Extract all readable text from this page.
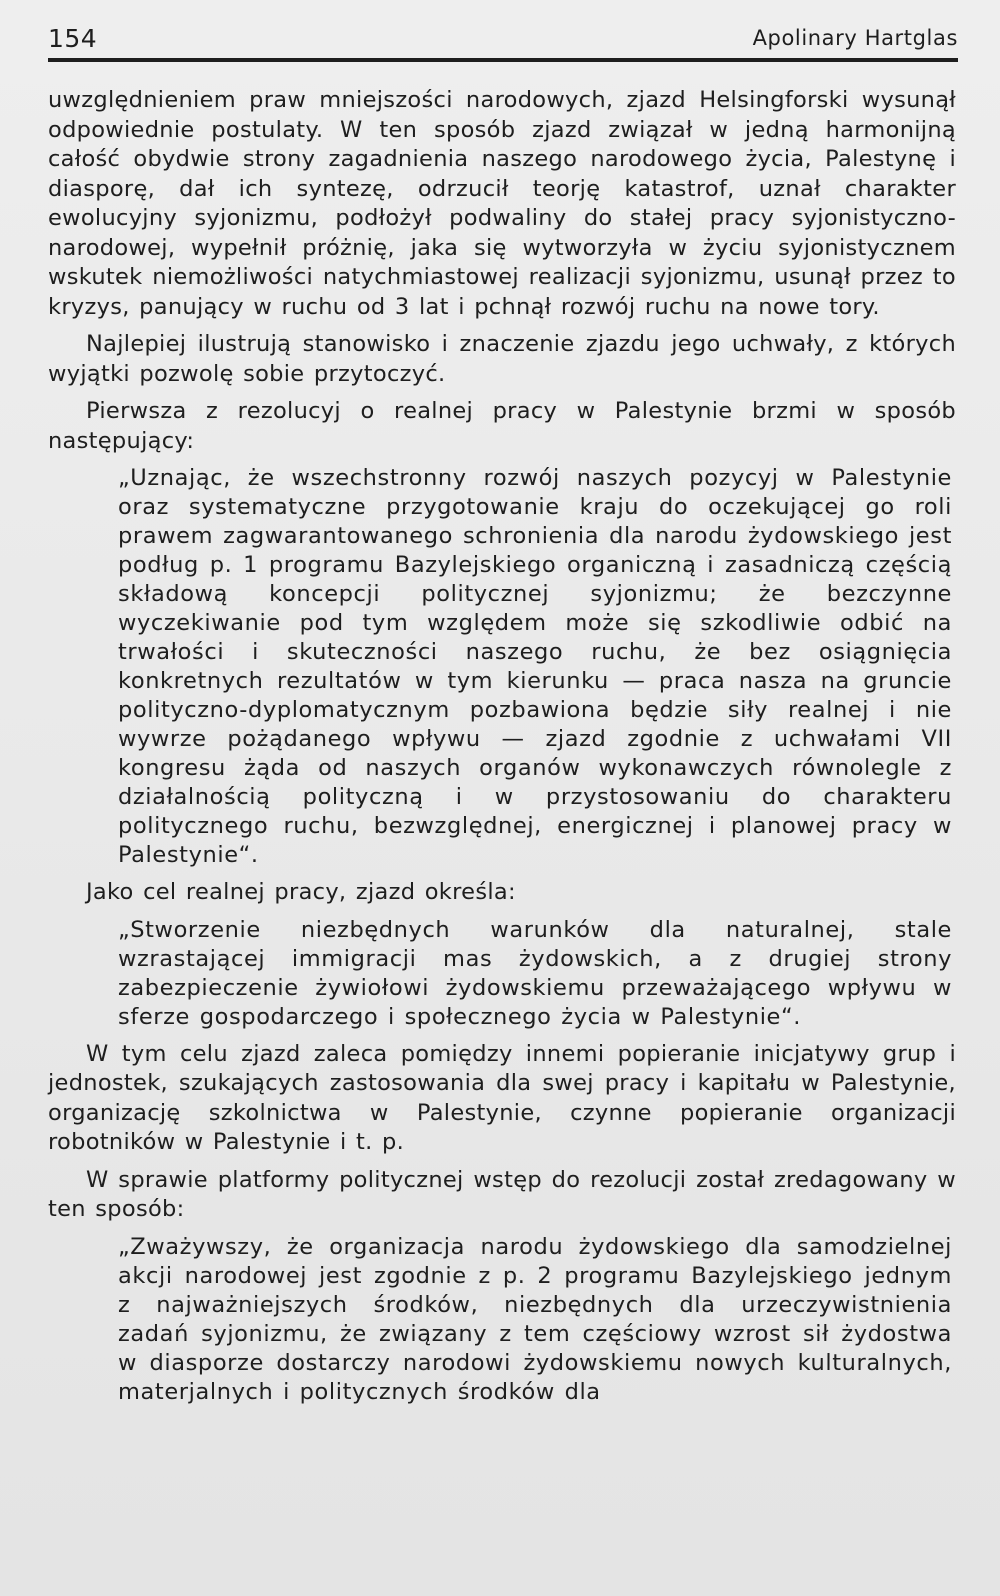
154	Apolinary Hartglas

uwzględnieniem praw mniejszości narodowych, zjazd Helsingforski wysunął odpowiednie postulaty. W ten sposób zjazd związał w jedną harmonijną całość obydwie strony zagadnienia naszego narodowego życia, Palestynę i diasporę, dał ich syntezę, odrzucił teorję katastrof, uznał charakter ewolucyjny syjonizmu, podłożył podwaliny do stałej pracy syjonistyczno-narodowej, wypełnił próżnię, jaka się wytworzyła w życiu syjonistycznem wskutek niemożliwości natychmiastowej realizacji syjonizmu, usunął przez to kryzys, panujący w ruchu od 3 lat i pchnął rozwój ruchu na nowe tory.

Najlepiej ilustrują stanowisko i znaczenie zjazdu jego uchwały, z których wyjątki pozwolę sobie przytoczyć.

Pierwsza z rezolucyj o realnej pracy w Palestynie brzmi w sposób następujący:

„Uznając, że wszechstronny rozwój naszych pozycyj w Palestynie oraz systematyczne przygotowanie kraju do oczekującej go roli prawem zagwarantowanego schronienia dla narodu żydowskiego jest podług p. 1 programu Bazylejskiego organiczną i zasadniczą częścią składową koncepcji politycznej syjonizmu; że bezczynne wyczekiwanie pod tym względem może się szkodliwie odbić na trwałości i skuteczności naszego ruchu, że bez osiągnięcia konkretnych rezultatów w tym kierunku — praca nasza na gruncie polityczno-dyplomatycznym pozbawiona będzie siły realnej i nie wywrze pożądanego wpływu — zjazd zgodnie z uchwałami VII kongresu żąda od naszych organów wykonawczych równolegle z działalnością polityczną i w przystosowaniu do charakteru politycznego ruchu, bezwzględnej, energicznej i planowej pracy w Palestynie“.

Jako cel realnej pracy, zjazd określa:

„Stworzenie niezbędnych warunków dla naturalnej, stale wzrastającej immigracji mas żydowskich, a z drugiej strony zabezpieczenie żywiołowi żydowskiemu przeważającego wpływu w sferze gospodarczego i społecznego życia w Palestynie“.

W tym celu zjazd zaleca pomiędzy innemi popieranie inicjatywy grup i jednostek, szukających zastosowania dla swej pracy i kapitału w Palestynie, organizację szkolnictwa w Palestynie, czynne popieranie organizacji robotników w Palestynie i t. p.

W sprawie platformy politycznej wstęp do rezolucji został zredagowany w ten sposób:

„Zważywszy, że organizacja narodu żydowskiego dla samodzielnej akcji narodowej jest zgodnie z p. 2 programu Bazylejskiego jednym z najważniejszych środków, niezbędnych dla urzeczywistnienia zadań syjonizmu, że związany z tem częściowy wzrost sił żydostwa w diasporze dostarczy narodowi żydowskiemu nowych kulturalnych, materjalnych i politycznych środków dla
